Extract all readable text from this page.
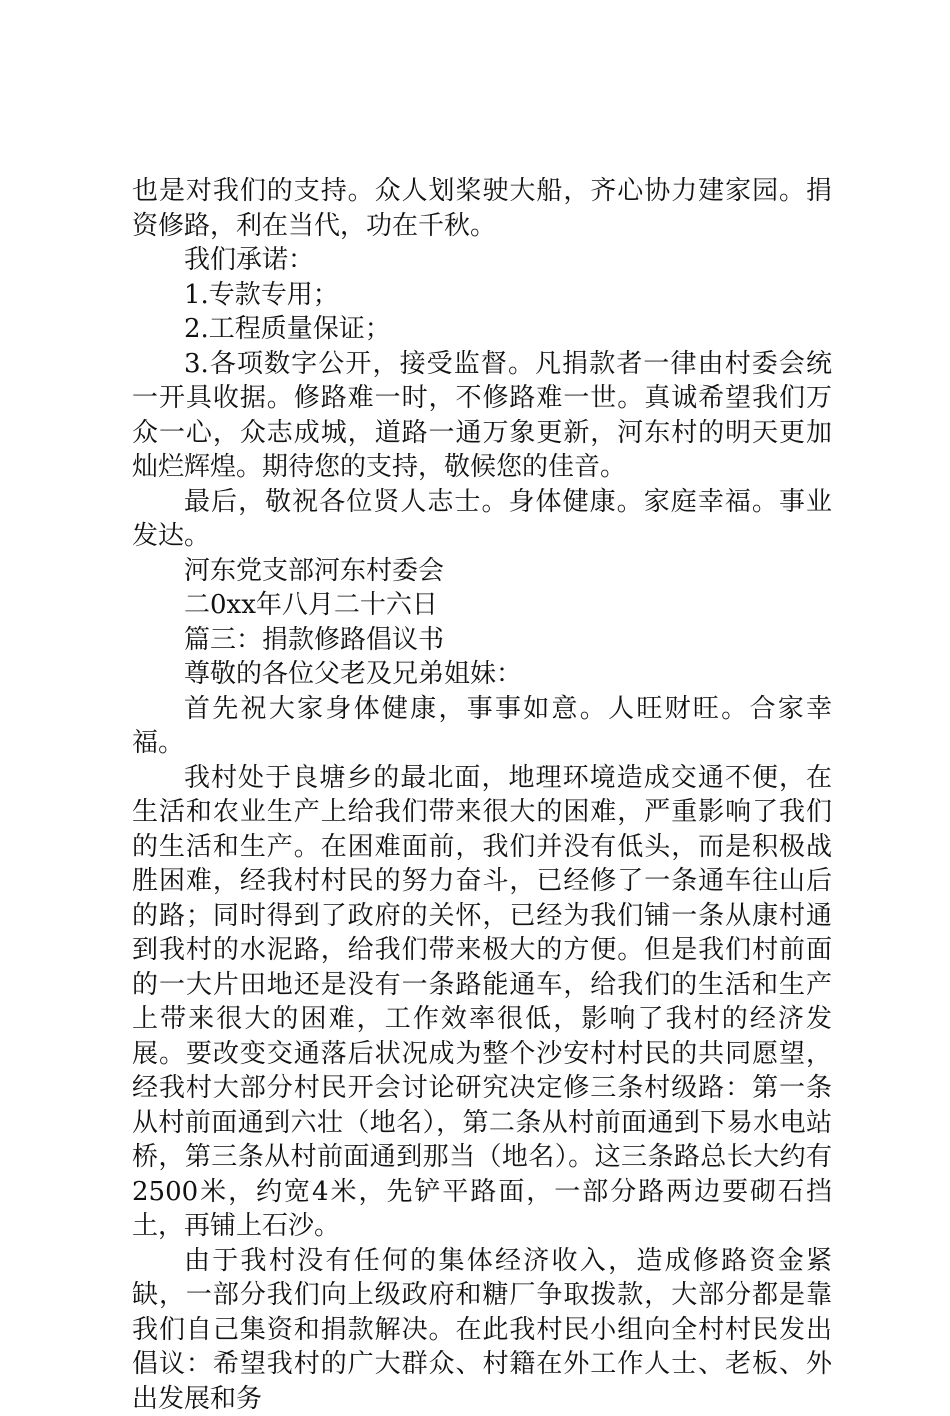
也是对我们的支持。众人划桨驶大船，齐心协力建家园。捐资修路，利在当代，功在千秋。

我们承诺：

1.专款专用；

2.工程质量保证；

3.各项数字公开，接受监督。凡捐款者一律由村委会统一开具收据。修路难一时，不修路难一世。真诚希望我们万众一心，众志成城，道路一通万象更新，河东村的明天更加灿烂辉煌。期待您的支持，敬候您的佳音。

最后，敬祝各位贤人志士。身体健康。家庭幸福。事业发达。

河东党支部河东村委会

二0xx年八月二十六日

篇三：捐款修路倡议书

尊敬的各位父老及兄弟姐妹：

首先祝大家身体健康，事事如意。人旺财旺。合家幸福。

我村处于良塘乡的最北面，地理环境造成交通不便，在生活和农业生产上给我们带来很大的困难，严重影响了我们的生活和生产。在困难面前，我们并没有低头，而是积极战胜困难，经我村村民的努力奋斗，已经修了一条通车往山后的路；同时得到了政府的关怀，已经为我们铺一条从康村通到我村的水泥路，给我们带来极大的方便。但是我们村前面的一大片田地还是没有一条路能通车，给我们的生活和生产上带来很大的困难，工作效率很低，影响了我村的经济发展。要改变交通落后状况成为整个沙安村村民的共同愿望，经我村大部分村民开会讨论研究决定修三条村级路：第一条从村前面通到六壮（地名），第二条从村前面通到下易水电站桥，第三条从村前面通到那当（地名）。这三条路总长大约有2500米，约宽4米，先铲平路面，一部分路两边要砌石挡土，再铺上石沙。

由于我村没有任何的集体经济收入，造成修路资金紧缺，一部分我们向上级政府和糖厂争取拨款，大部分都是靠我们自己集资和捐款解决。在此我村民小组向全村村民发出倡议：希望我村的广大群众、村籍在外工作人士、老板、外出发展和务
